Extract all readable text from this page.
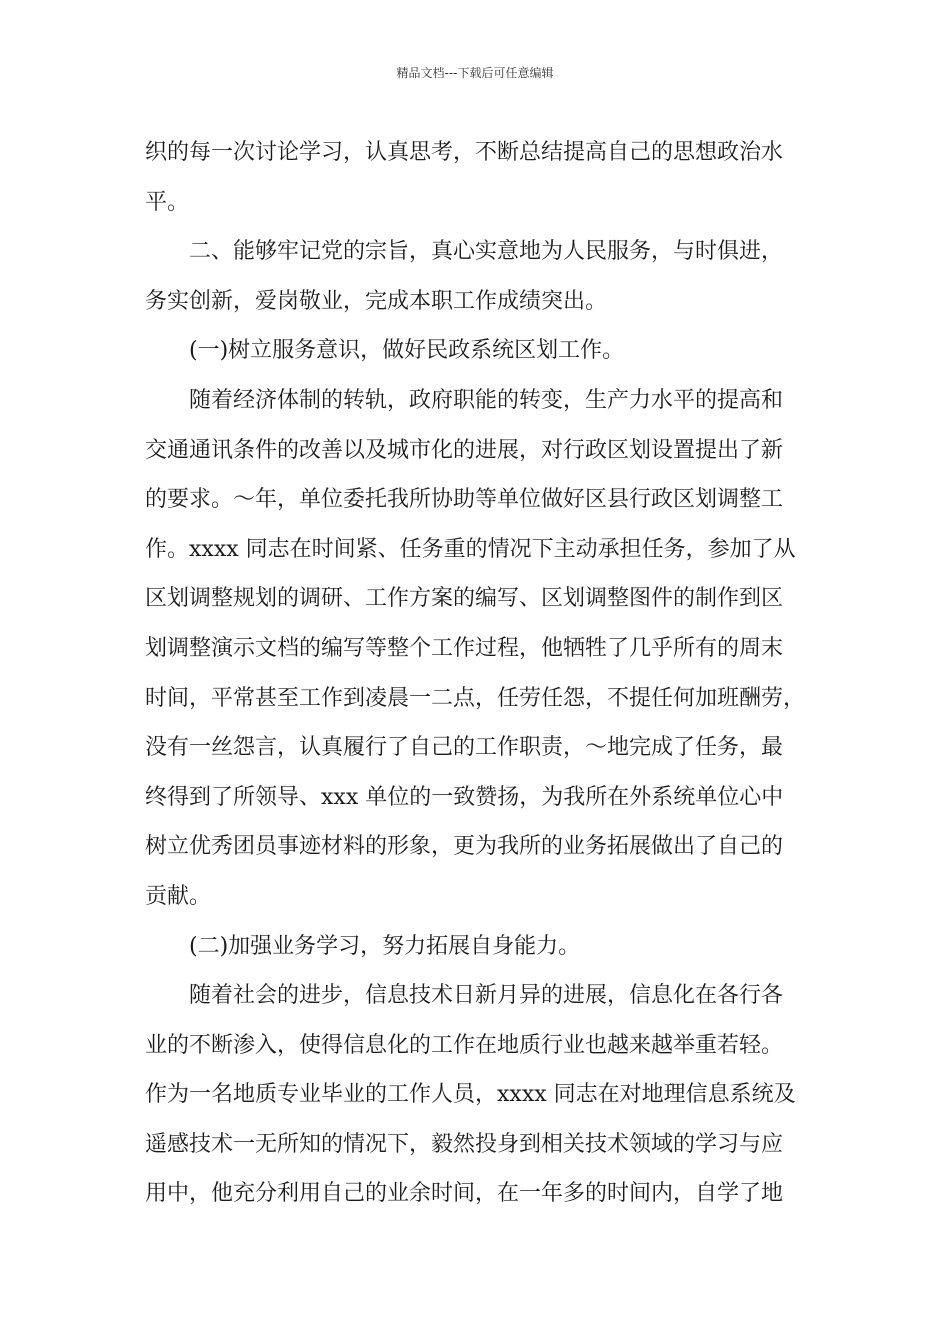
精品文档---下载后可任意编辑
织的每一次讨论学习，认真思考，不断总结提高自己的思想政治水
平。
二、能够牢记党的宗旨，真心实意地为人民服务，与时俱进，
务实创新，爱岗敬业，完成本职工作成绩突出。
(一)树立服务意识，做好民政系统区划工作。
随着经济体制的转轨，政府职能的转变，生产力水平的提高和
交通通讯条件的改善以及城市化的进展，对行政区划设置提出了新
的要求。～年，单位委托我所协助等单位做好区县行政区划调整工
作。xxxx 同志在时间紧、任务重的情况下主动承担任务，参加了从
区划调整规划的调研、工作方案的编写、区划调整图件的制作到区
划调整演示文档的编写等整个工作过程，他牺牲了几乎所有的周末
时间，平常甚至工作到凌晨一二点，任劳任怨，不提任何加班酬劳，
没有一丝怨言，认真履行了自己的工作职责，～地完成了任务，最
终得到了所领导、xxx 单位的一致赞扬，为我所在外系统单位心中
树立优秀团员事迹材料的形象，更为我所的业务拓展做出了自己的
贡献。
(二)加强业务学习，努力拓展自身能力。
随着社会的进步，信息技术日新月异的进展，信息化在各行各
业的不断渗入，使得信息化的工作在地质行业也越来越举重若轻。
作为一名地质专业毕业的工作人员，xxxx 同志在对地理信息系统及
遥感技术一无所知的情况下，毅然投身到相关技术领域的学习与应
用中，他充分利用自己的业余时间，在一年多的时间内，自学了地
